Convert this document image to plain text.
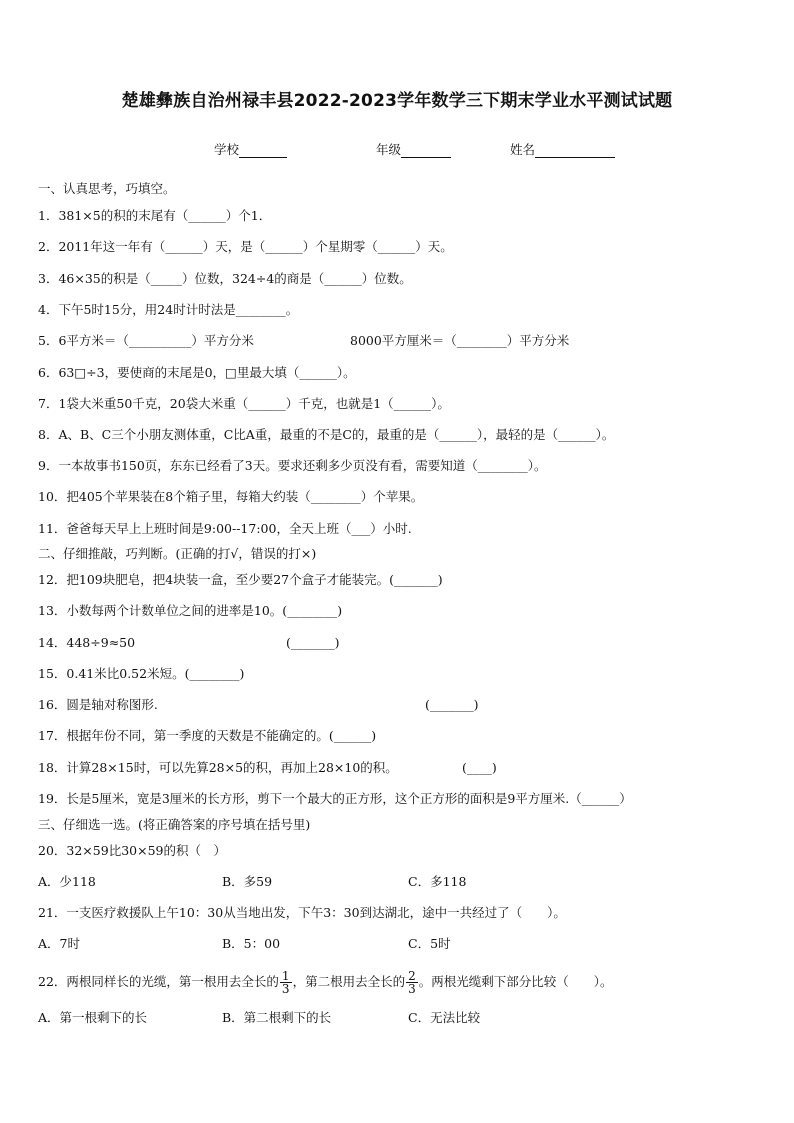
楚雄彝族自治州禄丰县2022-2023学年数学三下期末学业水平测试试题
学校	年级	姓名
一、认真思考，巧填空。
1．381×5的积的末尾有（______）个1．
2．2011年这一年有（______）天，是（______）个星期零（______）天。
3．46×35的积是（_____）位数，324÷4的商是（______）位数。
4．下午5时15分，用24时计时法是________。
5．6平方米＝（__________）平方分米	8000平方厘米＝（________）平方分米
6．63□÷3，要使商的末尾是0，□里最大填（______）。
7．1袋大米重50千克，20袋大米重（______）千克，也就是1（______）。
8．A、B、C三个小朋友测体重，C比A重，最重的不是C的，最重的是（______），最轻的是（______）。
9．一本故事书150页，东东已经看了3天。要求还剩多少页没有看，需要知道（________）。
10．把405个苹果装在8个箱子里，每箱大约装（________）个苹果。
11．爸爸每天早上上班时间是9:00--17:00，全天上班（___）小时.
二、仔细推敲，巧判断。(正确的打√，错误的打×)
12．把109块肥皂，把4块装一盒，至少要27个盒子才能装完。(_______)
13．小数每两个计数单位之间的进率是10。(________)
14．448÷9≈50	(_______)
15．0.41米比0.52米短。(________)
16．圆是轴对称图形.	(_______)
17．根据年份不同，第一季度的天数是不能确定的。(______)
18．计算28×15时，可以先算28×5的积，再加上28×10的积。	(____)
19．长是5厘米，宽是3厘米的长方形，剪下一个最大的正方形，这个正方形的面积是9平方厘米.（______）
三、仔细选一选。(将正确答案的序号填在括号里)
20．32×59比30×59的积（　）
A．少118	B．多59	C．多118
21．一支医疗救援队上午10：30从当地出发，下午3：30到达湖北，途中一共经过了（　　）。
A．7时	B．5：00	C．5时
22．两根同样长的光缆，第一根用去全长的 $\frac{1}{3}$ ，第二根用去全长的 $\frac{2}{3}$ 。两根光缆剩下部分比较（　　）。
A．第一根剩下的长	B．第二根剩下的长	C．无法比较
